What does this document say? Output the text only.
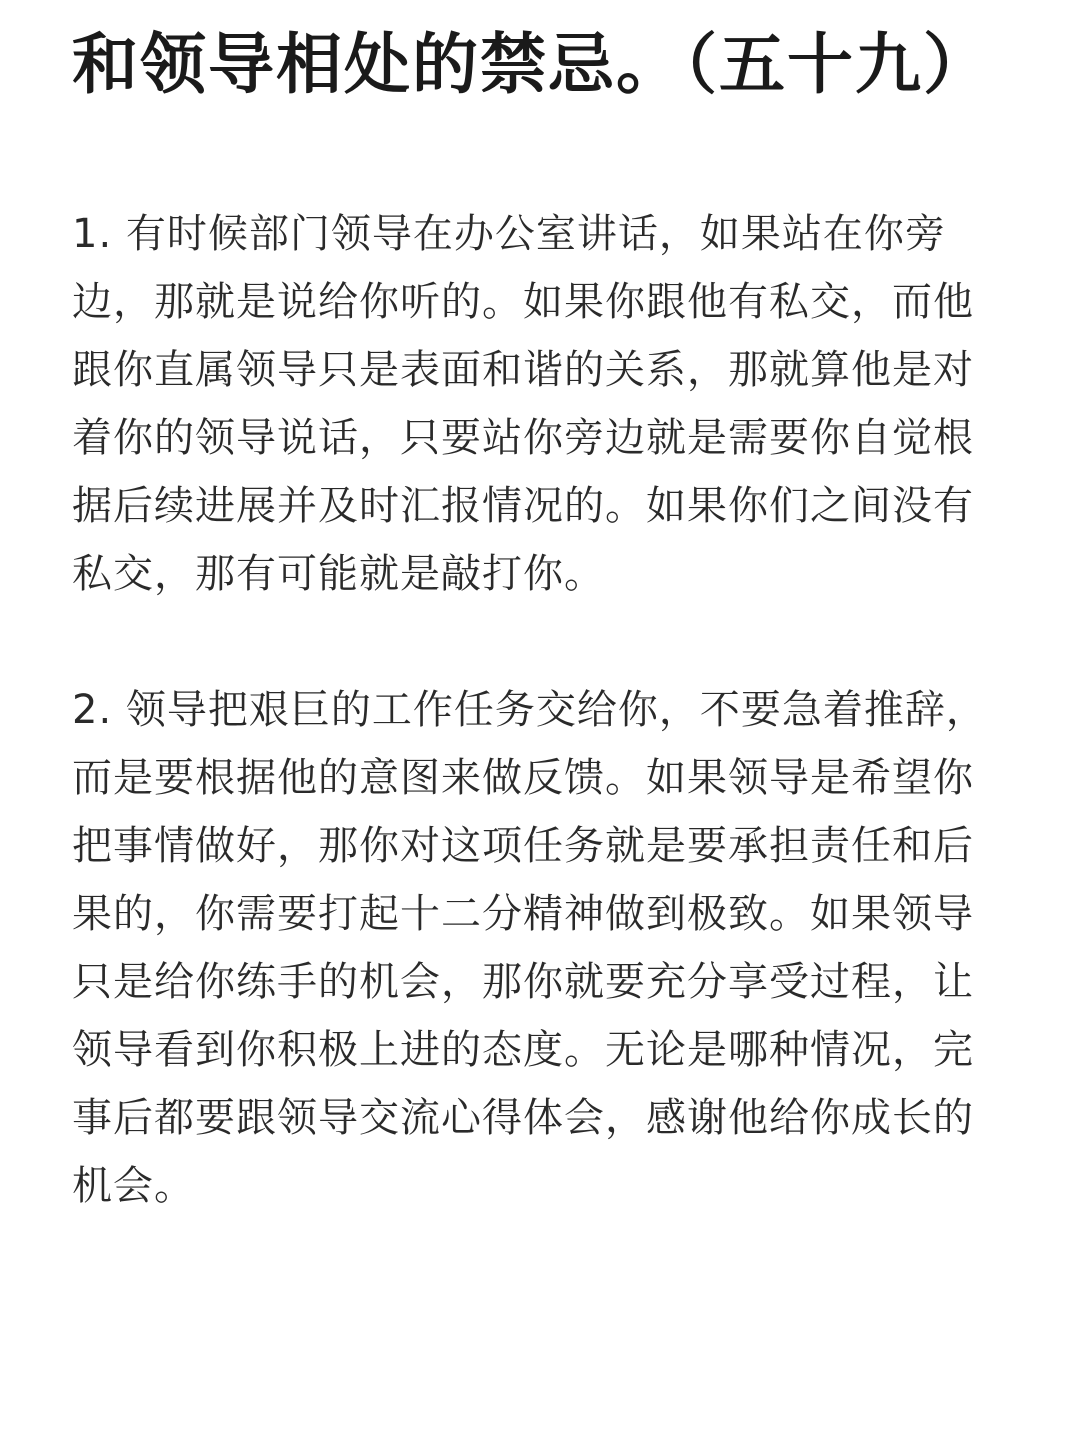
和领导相处的禁忌。（五十九）

1. 有时候部门领导在办公室讲话，如果站在你旁边，那就是说给你听的。如果你跟他有私交，而他跟你直属领导只是表面和谐的关系，那就算他是对着你的领导说话，只要站你旁边就是需要你自觉根据后续进展并及时汇报情况的。如果你们之间没有私交，那有可能就是敲打你。

2. 领导把艰巨的工作任务交给你，不要急着推辞，而是要根据他的意图来做反馈。如果领导是希望你把事情做好，那你对这项任务就是要承担责任和后果的，你需要打起十二分精神做到极致。如果领导只是给你练手的机会，那你就要充分享受过程，让领导看到你积极上进的态度。无论是哪种情况，完事后都要跟领导交流心得体会，感谢他给你成长的机会。
